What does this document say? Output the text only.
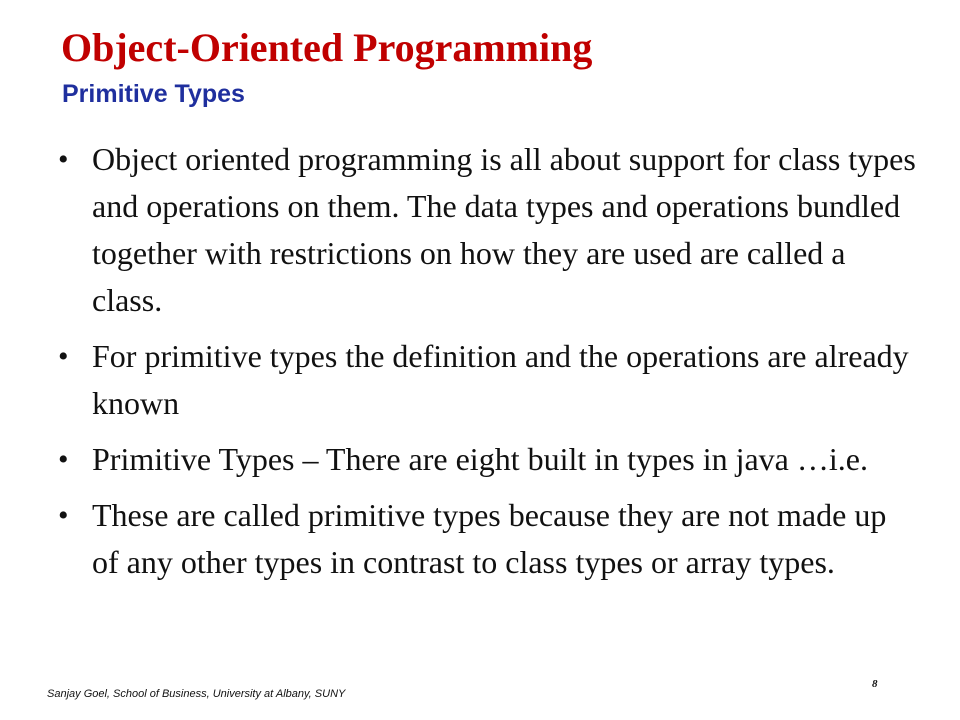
Object-Oriented Programming
Primitive Types
• Object oriented programming is all about support for class types and operations on them. The data types and operations bundled together with restrictions on how they are used are called a class.
• For primitive types the definition and the operations are already known
• Primitive Types – There are eight built in types in java …i.e.
• These are called primitive types because they are not made up of any other types in contrast to class types or array types.
Sanjay Goel, School of Business, University at Albany, SUNY
8
